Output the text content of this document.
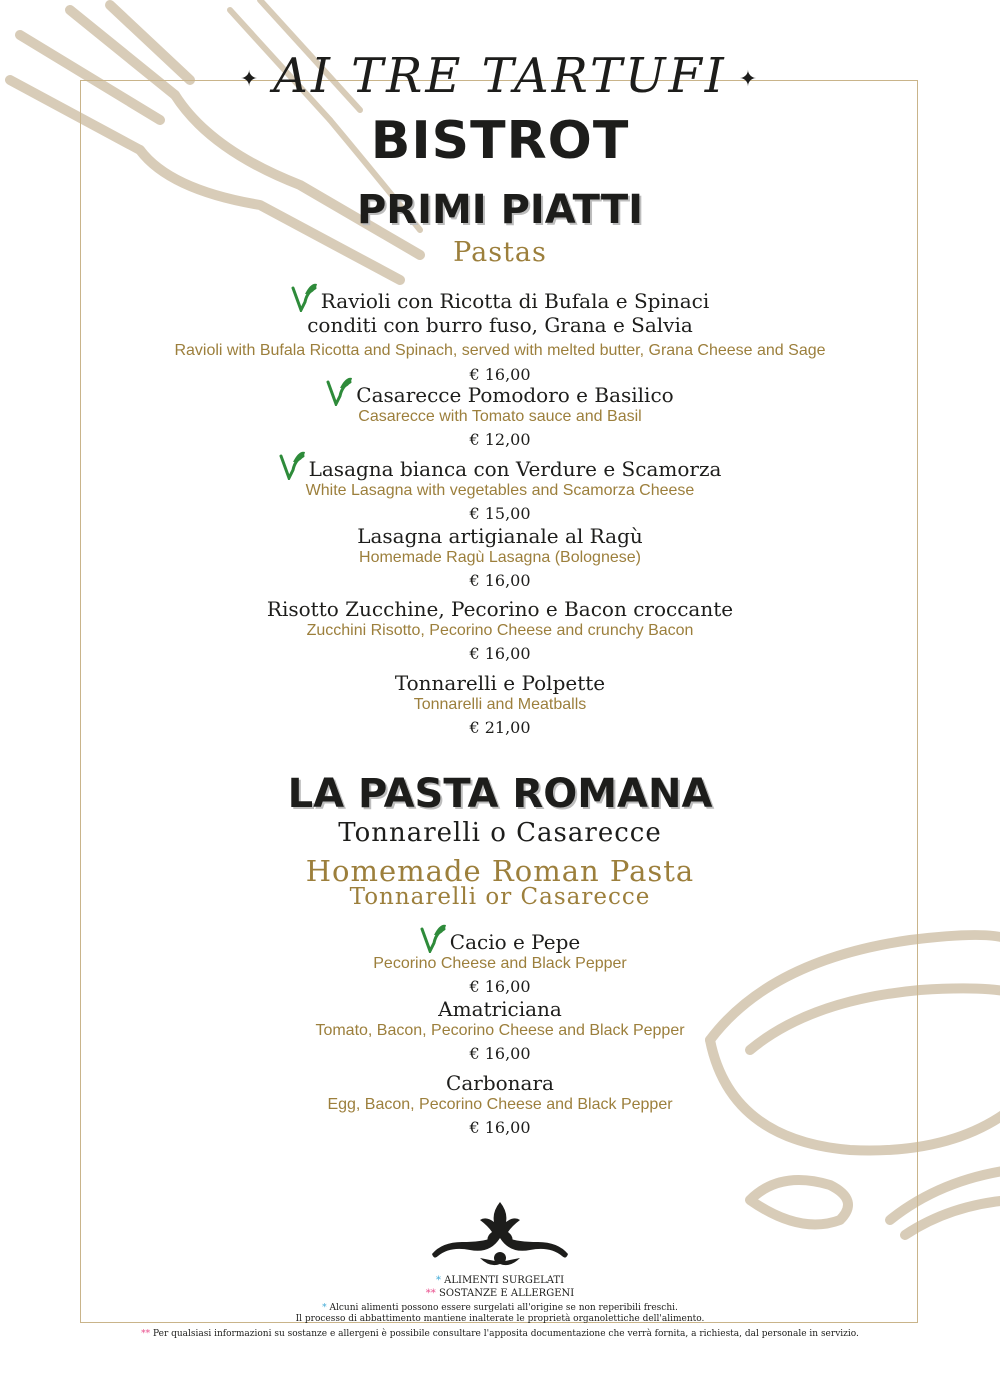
✦ AI TRE TARTUFI ✦
BISTROT
PRIMI PIATTI
Pastas
Ravioli con Ricotta di Bufala e Spinaci
conditi con burro fuso, Grana e Salvia
Ravioli with Bufala Ricotta and Spinach, served with melted butter, Grana Cheese and Sage
€ 16,00
Casarecce Pomodoro e Basilico
Casarecce with Tomato sauce and Basil
€ 12,00
Lasagna bianca con Verdure e Scamorza
White Lasagna with vegetables and Scamorza Cheese
€ 15,00
Lasagna artigianale al Ragù
Homemade Ragù Lasagna (Bolognese)
€ 16,00
Risotto Zucchine, Pecorino e Bacon croccante
Zucchini Risotto, Pecorino Cheese and crunchy Bacon
€ 16,00
Tonnarelli e Polpette
Tonnarelli and Meatballs
€ 21,00
LA PASTA ROMANA
Tonnarelli o Casarecce
Homemade Roman Pasta
Tonnarelli or Casarecce
Cacio e Pepe
Pecorino Cheese and Black Pepper
€ 16,00
Amatriciana
Tomato, Bacon, Pecorino Cheese and Black Pepper
€ 16,00
Carbonara
Egg, Bacon, Pecorino Cheese and Black Pepper
€ 16,00
* ALIMENTI SURGELATI
** SOSTANZE E ALLERGENI
* Alcuni alimenti possono essere surgelati all'origine se non reperibili freschi.
Il processo di abbattimento mantiene inalterate le proprietà organolettiche dell'alimento.
** Per qualsiasi informazioni su sostanze e allergeni è possibile consultare l'apposita documentazione che verrà fornita, a richiesta, dal personale in servizio.
